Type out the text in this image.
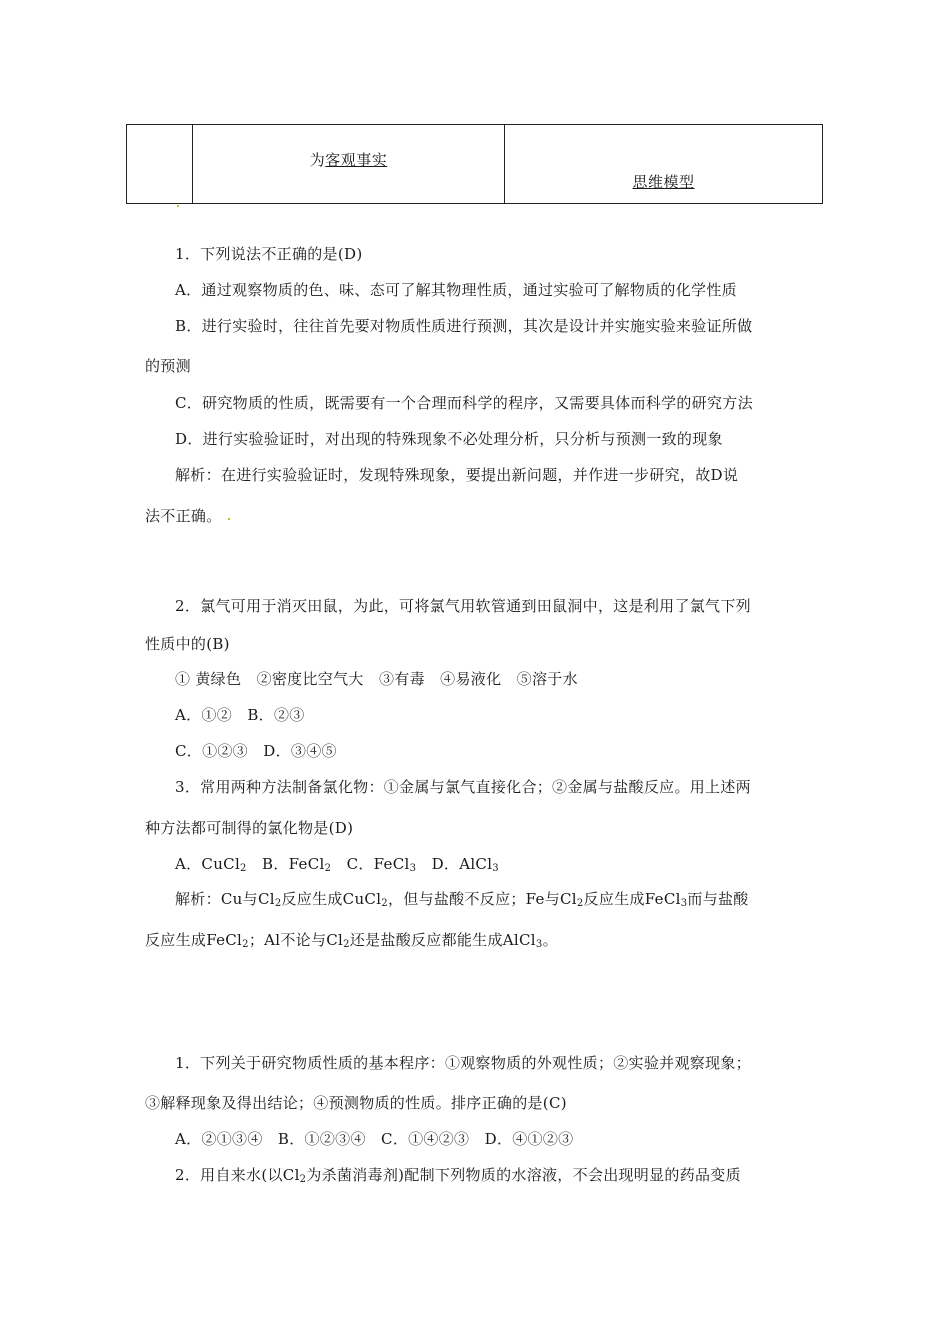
为客观事实
思维模型
1．下列说法不正确的是(D)
A．通过观察物质的色、味、态可了解其物理性质，通过实验可了解物质的化学性质
B．进行实验时，往往首先要对物质性质进行预测，其次是设计并实施实验来验证所做
的预测
C．研究物质的性质，既需要有一个合理而科学的程序，又需要具体而科学的研究方法
D．进行实验验证时，对出现的特殊现象不必处理分析，只分析与预测一致的现象
解析：在进行实验验证时，发现特殊现象，要提出新问题，并作进一步研究，故D说
法不正确。
2．氯气可用于消灭田鼠，为此，可将氯气用软管通到田鼠洞中，这是利用了氯气下列
性质中的(B)
① 黄绿色　②密度比空气大　③有毒　④易液化　⑤溶于水
A．①②　B．②③
C．①②③　D．③④⑤
3．常用两种方法制备氯化物：①金属与氯气直接化合；②金属与盐酸反应。用上述两
种方法都可制得的氯化物是(D)
A．CuCl$_2$　B．FeCl$_2$　C．FeCl$_3$　D．AlCl$_3$
解析：Cu与$Cl_2$反应生成CuCl$_2$，但与盐酸不反应；Fe与$Cl_2$反应生成FeCl$_3$而与盐酸
反应生成FeCl$_2$；Al不论与$Cl_2$还是盐酸反应都能生成AlCl$_3$。
1．下列关于研究物质性质的基本程序：①观察物质的外观性质；②实验并观察现象；
③解释现象及得出结论；④预测物质的性质。排序正确的是(C)
A．②①③④　B．①②③④　C．①④②③　D．④①②③
2．用自来水(以$Cl_2$为杀菌消毒剂)配制下列物质的水溶液，不会出现明显的药品变质
